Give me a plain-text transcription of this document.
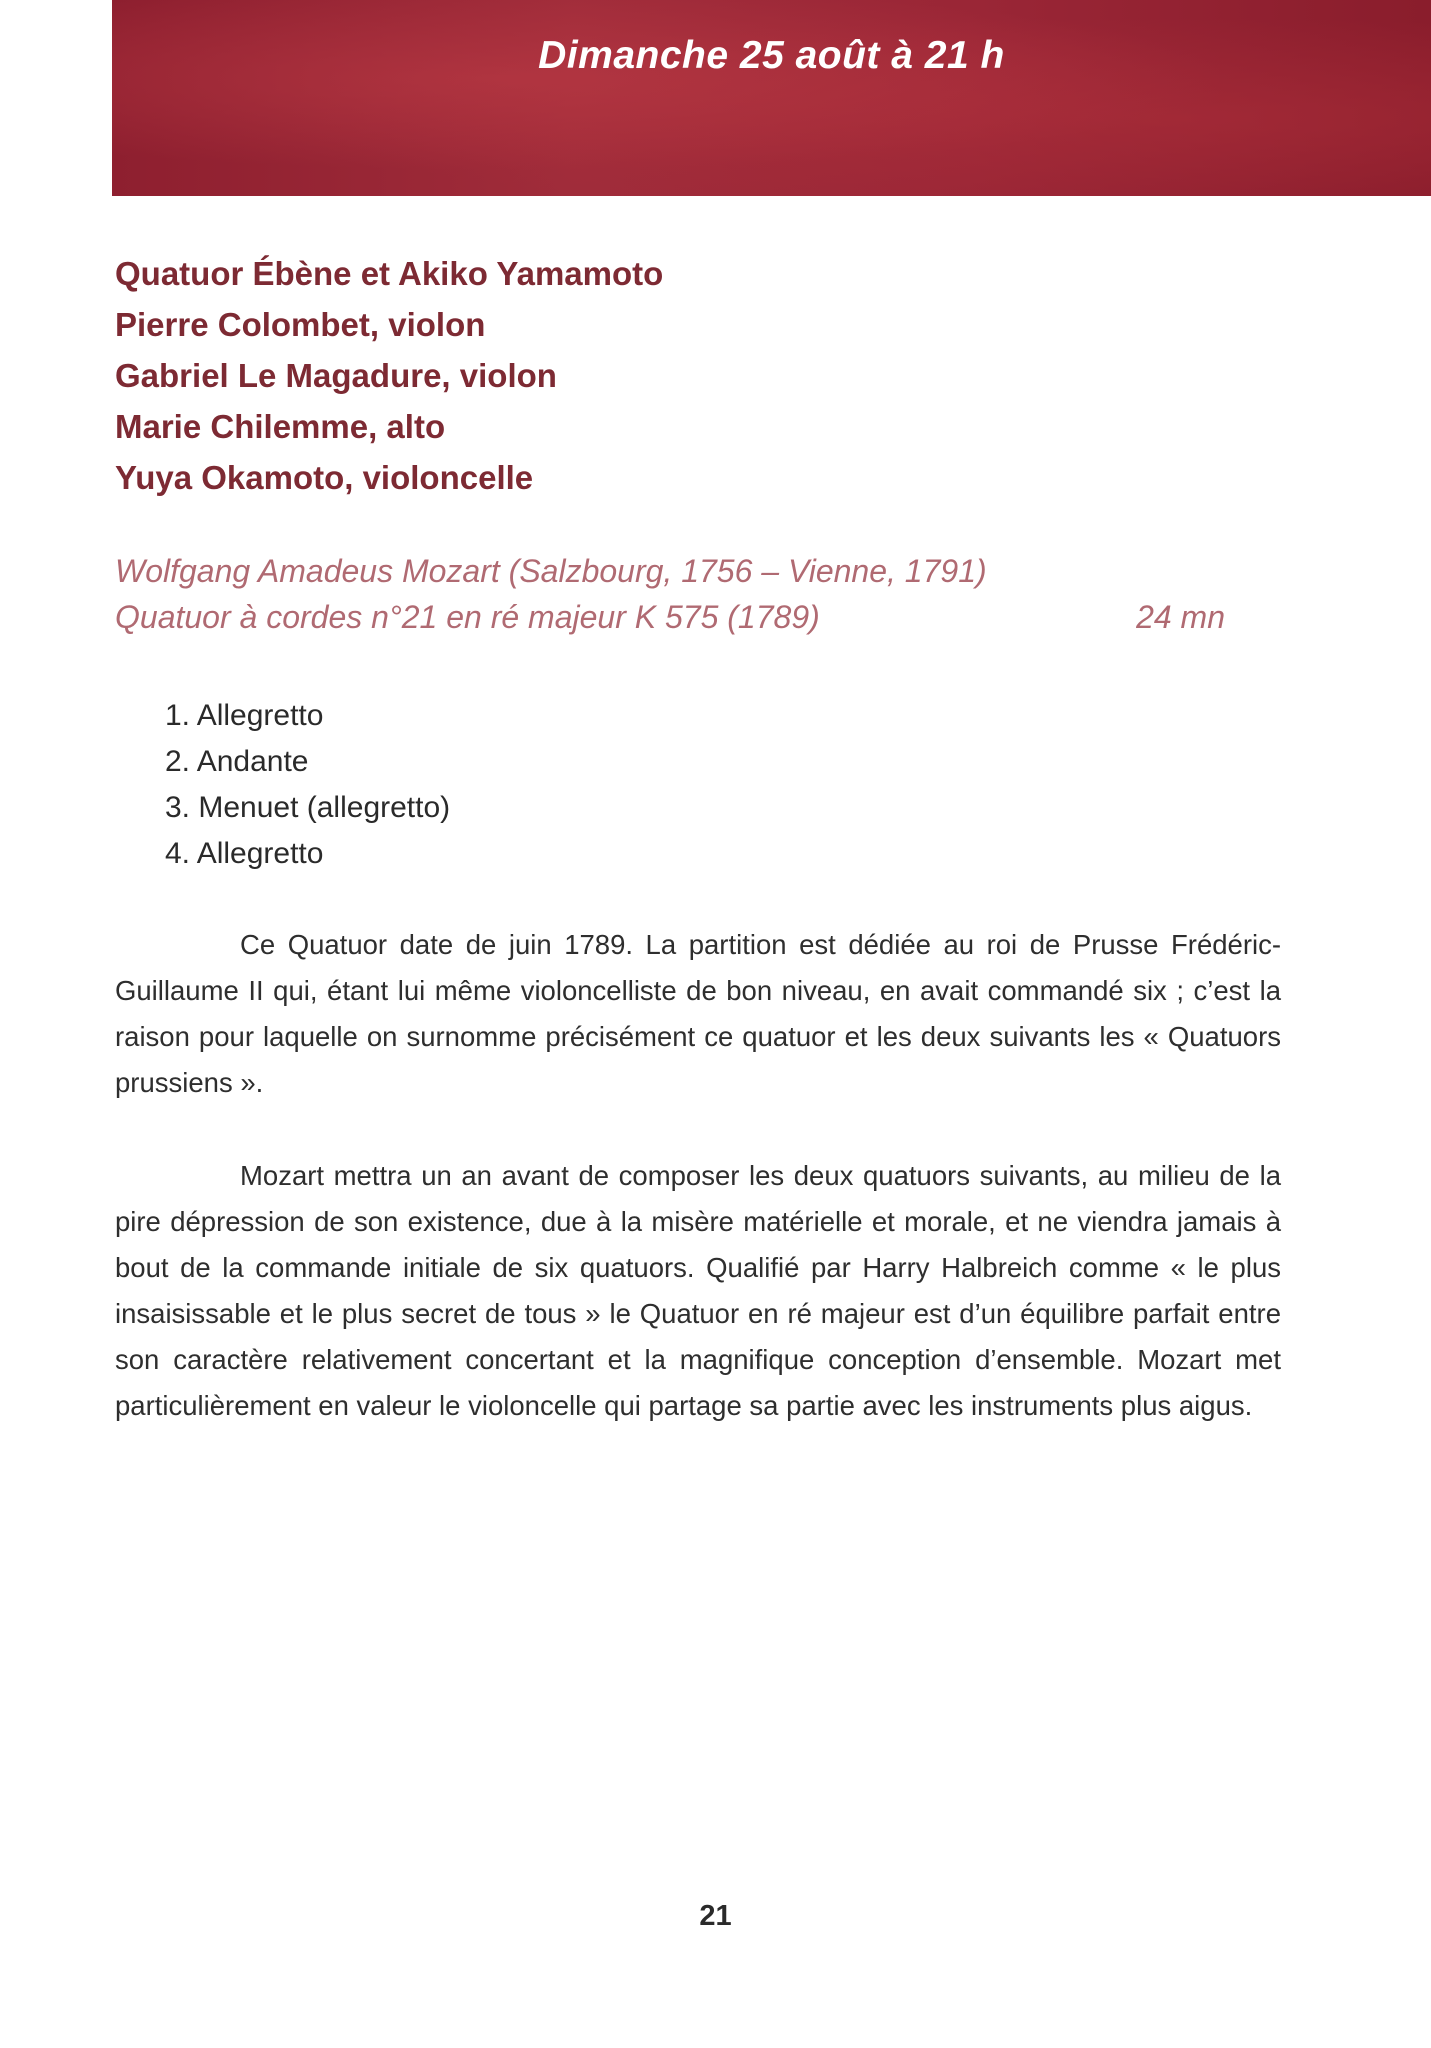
Dimanche 25 août à 21 h
Quatuor Ébène et Akiko Yamamoto
Pierre Colombet, violon
Gabriel Le Magadure, violon
Marie Chilemme, alto
Yuya Okamoto, violoncelle
Wolfgang Amadeus Mozart (Salzbourg, 1756 – Vienne, 1791)
Quatuor à cordes n°21 en ré majeur K 575 (1789)	24 mn
1. Allegretto
2. Andante
3. Menuet (allegretto)
4. Allegretto

Ce Quatuor date de juin 1789. La partition est dédiée au roi de Prusse Frédéric-Guillaume II qui, étant lui même violoncelliste de bon niveau, en avait commandé six ; c’est la raison pour laquelle on surnomme précisément ce quatuor et les deux suivants les « Quatuors prussiens ».

Mozart mettra un an avant de composer les deux quatuors suivants, au milieu de la pire dépression de son existence, due à la misère matérielle et morale, et ne viendra jamais à bout de la commande initiale de six quatuors. Qualifié par Harry Halbreich comme « le plus insaisissable et le plus secret de tous » le Quatuor en ré majeur est d’un équilibre parfait entre son caractère relativement concertant et la magnifique conception d’ensemble. Mozart met particulièrement en valeur le violoncelle qui partage sa partie avec les instruments plus aigus.

21
